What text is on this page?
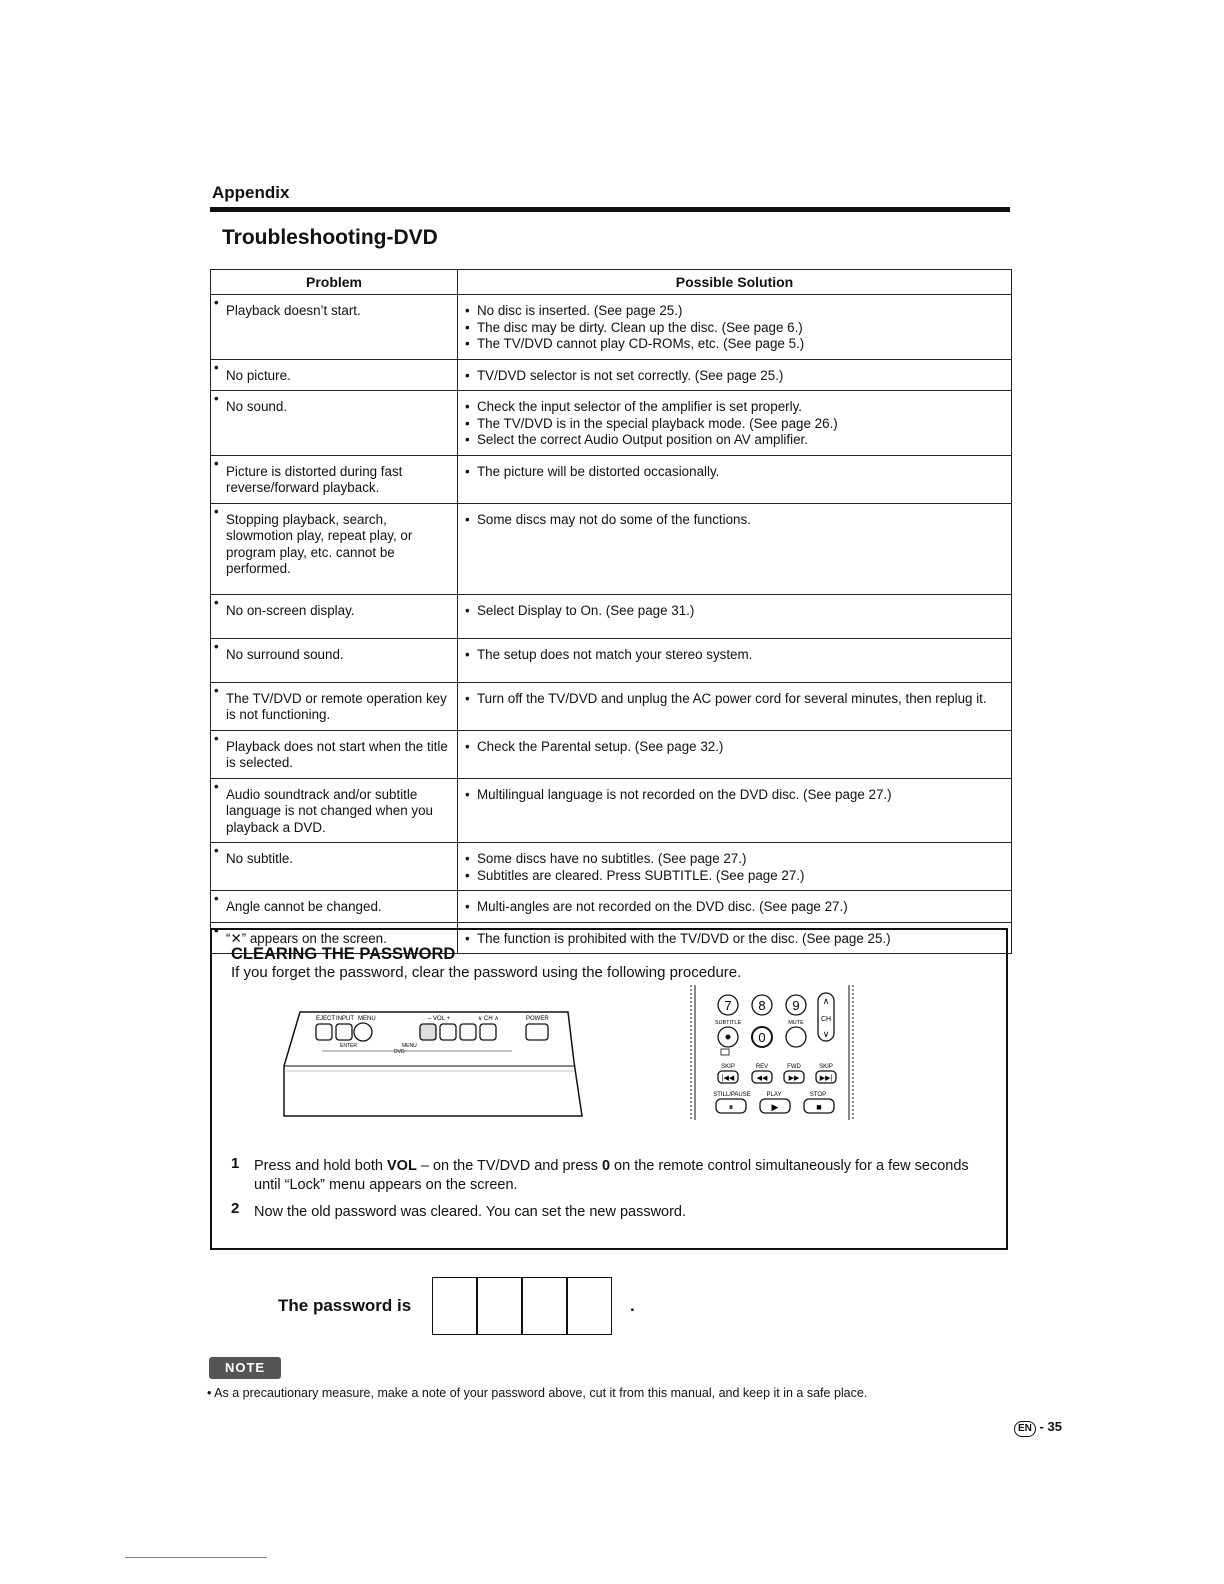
Appendix
Troubleshooting-DVD
Problem	Possible Solution

• Playback doesn’t start.	• No disc is inserted. (See page 25.)
• The disc may be dirty. Clean up the disc. (See page 6.)
• The TV/DVD cannot play CD-ROMs, etc. (See page 5.)

• No picture.	• TV/DVD selector is not set correctly. (See page 25.)

• No sound.	• Check the input selector of the amplifier is set properly.
• The TV/DVD is in the special playback mode. (See page 26.)
• Select the correct Audio Output position on AV amplifier.

• Picture is distorted during fast reverse/forward playback.	• The picture will be distorted occasionally.

• Stopping playback, search, slowmotion play, repeat play, or program play, etc. cannot be performed.	• Some discs may not do some of the functions.

• No on-screen display.	• Select Display to On. (See page 31.)

• No surround sound.	• The setup does not match your stereo system.

• The TV/DVD or remote operation key is not functioning.	• Turn off the TV/DVD and unplug the AC power cord for several minutes, then replug it.

• Playback does not start when the title is selected.	• Check the Parental setup. (See page 32.)

• Audio soundtrack and/or subtitle language is not changed when you playback a DVD.	• Multilingual language is not recorded on the DVD disc. (See page 27.)

• No subtitle.	• Some discs have no subtitles. (See page 27.)
• Subtitles are cleared. Press SUBTITLE. (See page 27.)

• Angle cannot be changed.	• Multi-angles are not recorded on the DVD disc. (See page 27.)

• “✕” appears on the screen.	• The function is prohibited with the TV/DVD or the disc. (See page 25.)
CLEARING THE PASSWORD
If you forget the password, clear the password using the following procedure.
EJECT INPUT MENU	– VOL +	∨ CH ∧	POWER
ENTER	MENU
DVD
7 8 9	∧
CH
∨
SUBTITLE	MUTE
0
SKIP	REV	FWD	SKIP
|◀◀	◀◀	▶▶	▶▶|
STILL/PAUSE	PLAY	STOP
⏸	▶	■
1 Press and hold both VOL – on the TV/DVD and press 0 on the remote control simultaneously for a few seconds until “Lock” menu appears on the screen.
2 Now the old password was cleared. You can set the new password.
The password is	.
NOTE
• As a precautionary measure, make a note of your password above, cut it from this manual, and keep it in a safe place.
EN - 35
